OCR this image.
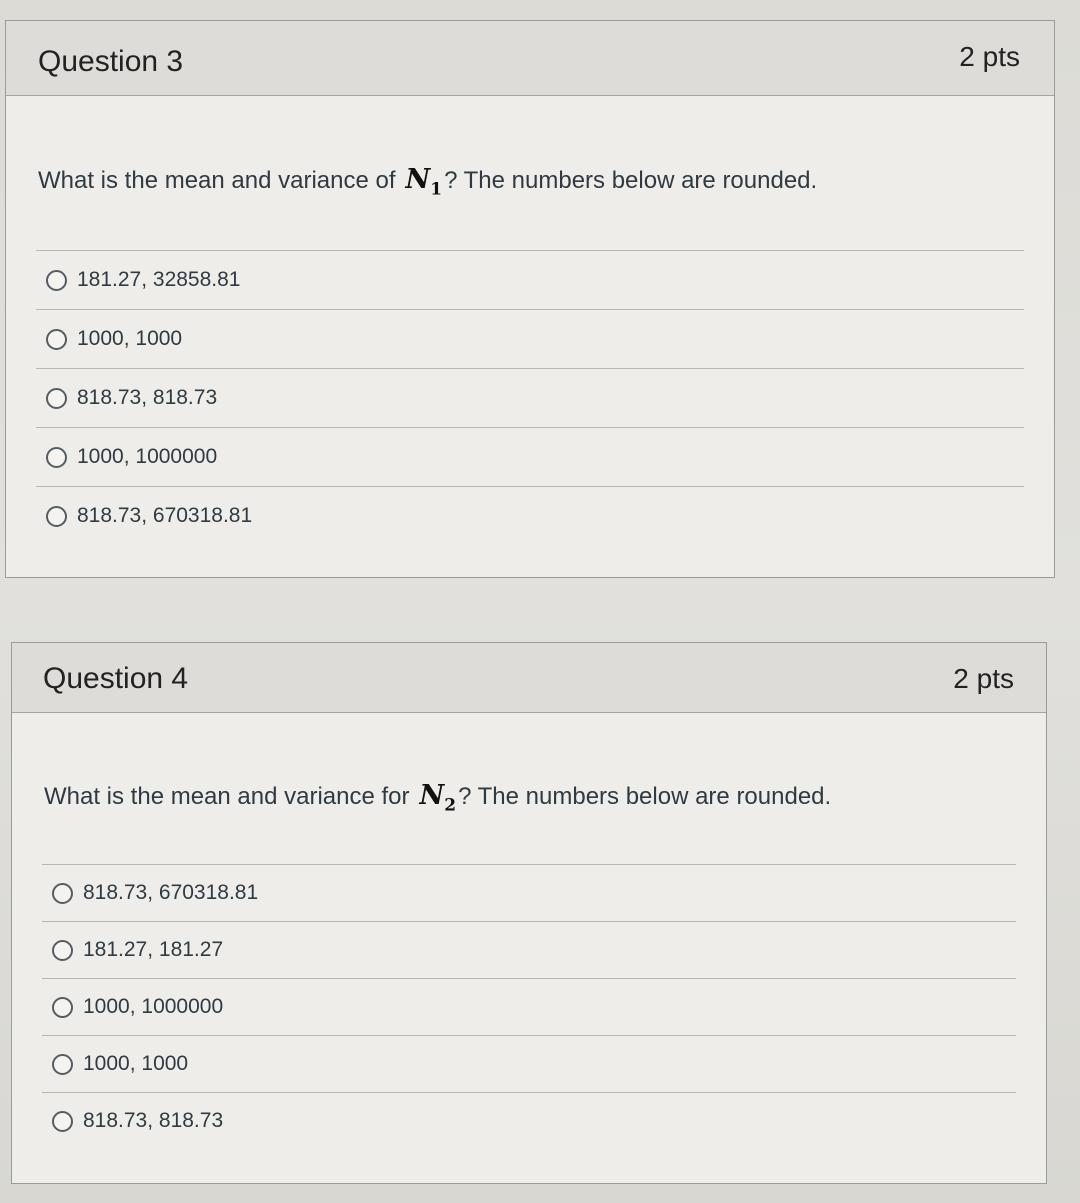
Question 3	2 pts
What is the mean and variance of $N_1$? The numbers below are rounded.
181.27, 32858.81
1000, 1000
818.73, 818.73
1000, 1000000
818.73, 670318.81
Question 4	2 pts
What is the mean and variance for $N_2$? The numbers below are rounded.
818.73, 670318.81
181.27, 181.27
1000, 1000000
1000, 1000
818.73, 818.73
